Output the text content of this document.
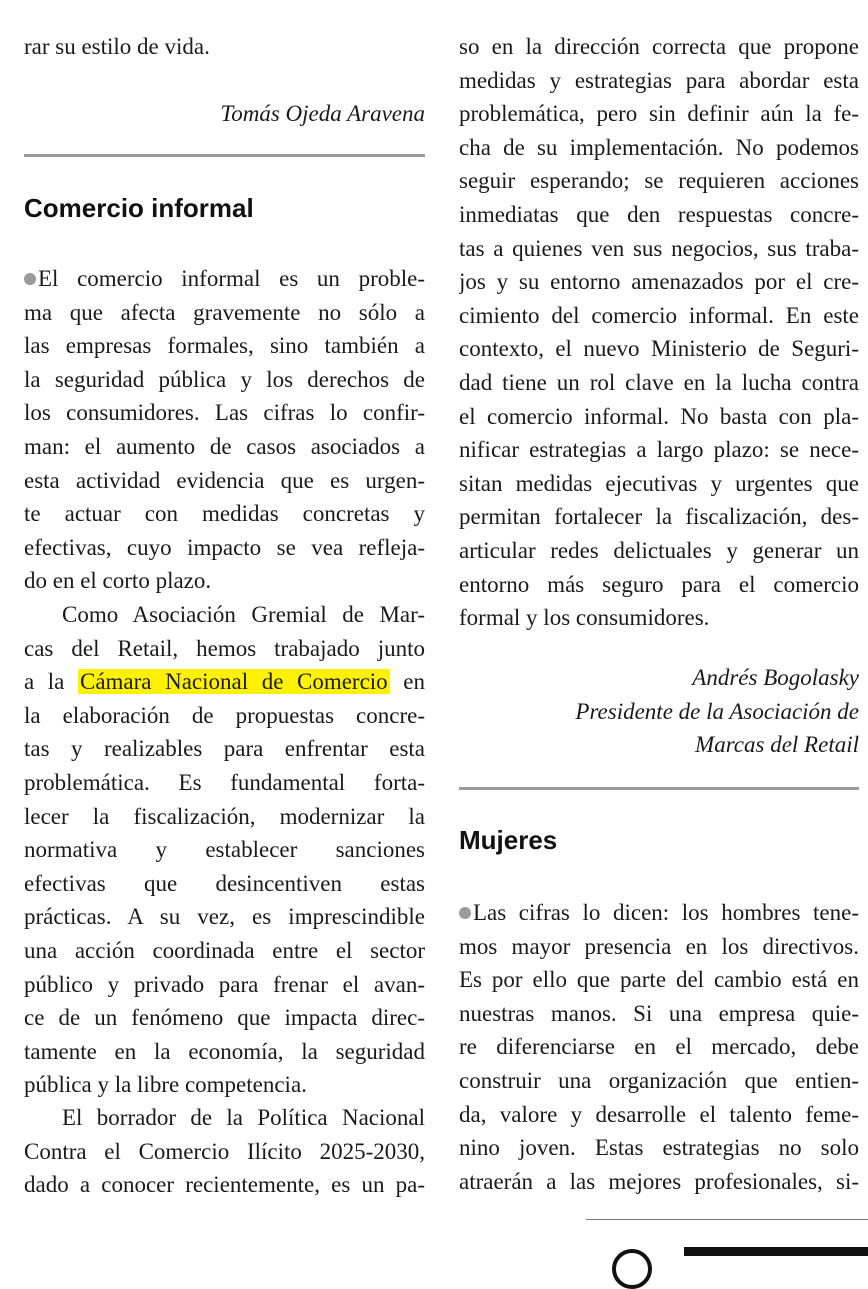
rar su estilo de vida.
Tomás Ojeda Aravena
Comercio informal
El comercio informal es un proble-
ma que afecta gravemente no sólo a
las empresas formales, sino también a
la seguridad pública y los derechos de
los consumidores. Las cifras lo confir-
man: el aumento de casos asociados a
esta actividad evidencia que es urgen-
te actuar con medidas concretas y
efectivas, cuyo impacto se vea refleja-
do en el corto plazo.
Como Asociación Gremial de Mar-
cas del Retail, hemos trabajado junto
a la Cámara Nacional de Comercio en
la elaboración de propuestas concre-
tas y realizables para enfrentar esta
problemática. Es fundamental forta-
lecer la fiscalización, modernizar la
normativa y establecer sanciones
efectivas que desincentiven estas
prácticas. A su vez, es imprescindible
una acción coordinada entre el sector
público y privado para frenar el avan-
ce de un fenómeno que impacta direc-
tamente en la economía, la seguridad
pública y la libre competencia.
El borrador de la Política Nacional
Contra el Comercio Ilícito 2025-2030,
dado a conocer recientemente, es un pa-
so en la dirección correcta que propone
medidas y estrategias para abordar esta
problemática, pero sin definir aún la fe-
cha de su implementación. No podemos
seguir esperando; se requieren acciones
inmediatas que den respuestas concre-
tas a quienes ven sus negocios, sus traba-
jos y su entorno amenazados por el cre-
cimiento del comercio informal. En este
contexto, el nuevo Ministerio de Seguri-
dad tiene un rol clave en la lucha contra
el comercio informal. No basta con pla-
nificar estrategias a largo plazo: se nece-
sitan medidas ejecutivas y urgentes que
permitan fortalecer la fiscalización, des-
articular redes delictuales y generar un
entorno más seguro para el comercio
formal y los consumidores.
Andrés Bogolasky
Presidente de la Asociación de
Marcas del Retail
Mujeres
Las cifras lo dicen: los hombres tene-
mos mayor presencia en los directivos.
Es por ello que parte del cambio está en
nuestras manos. Si una empresa quie-
re diferenciarse en el mercado, debe
construir una organización que entien-
da, valore y desarrolle el talento feme-
nino joven. Estas estrategias no solo
atraerán a las mejores profesionales, si-
